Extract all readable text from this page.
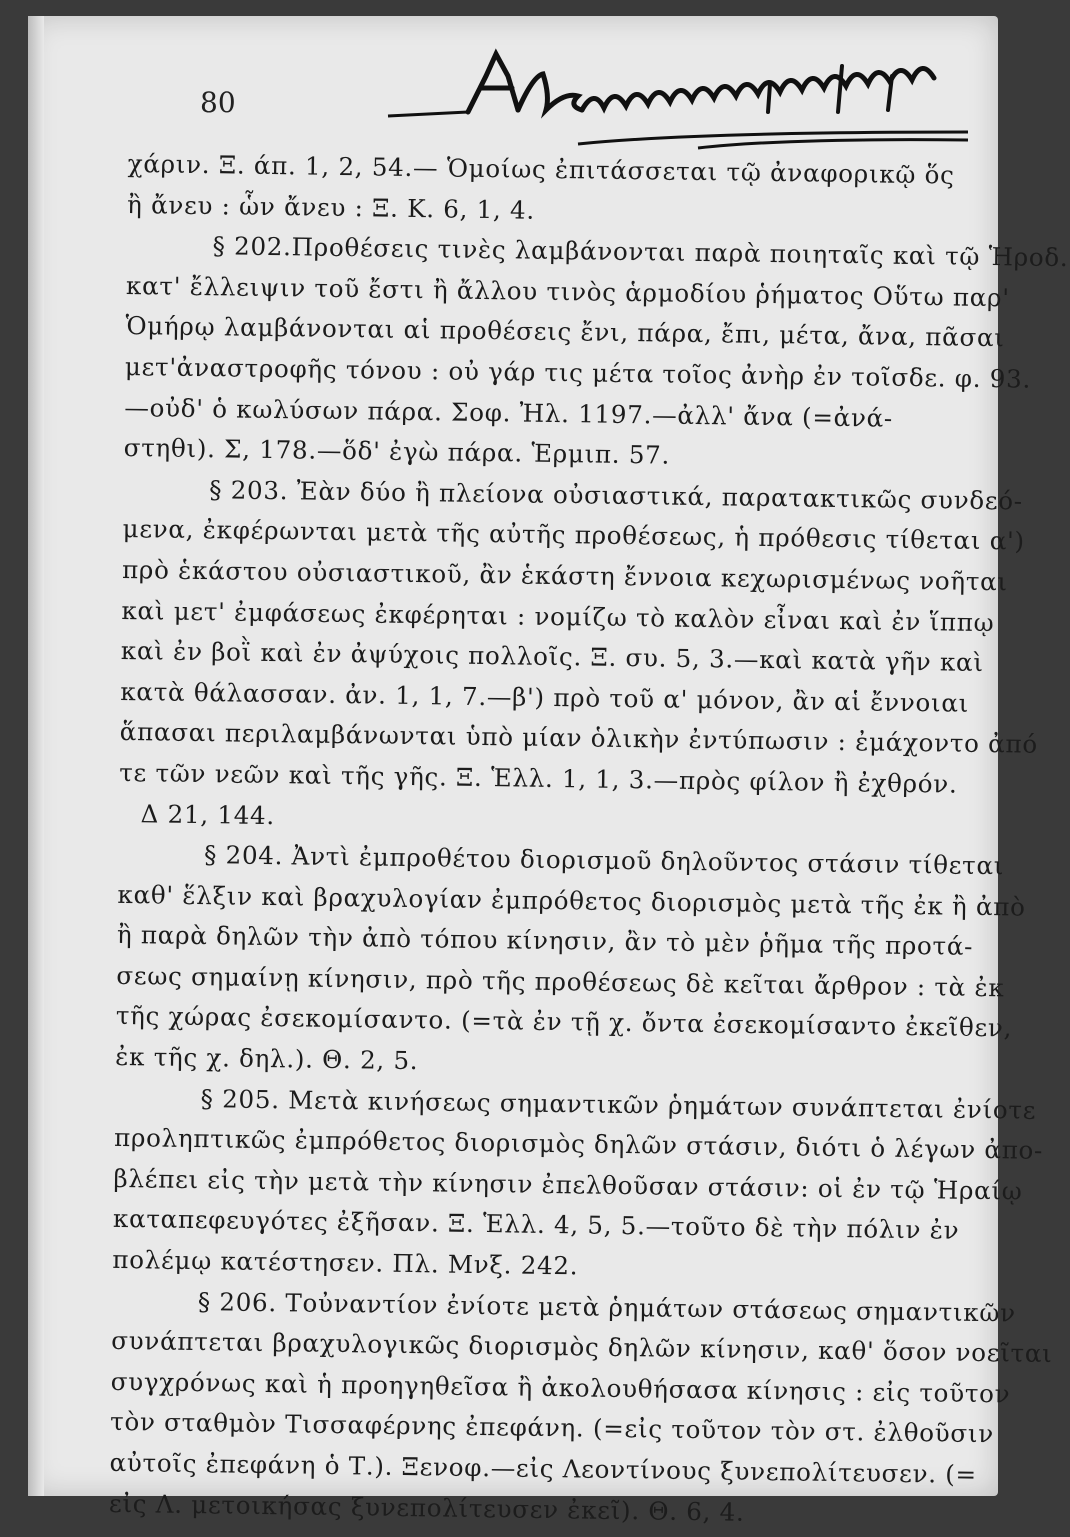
80
χάριν. Ξ. άπ. 1, 2, 54.— Ὁμοίως ἐπιτάσσεται τῷ ἀναφορικῷ ὅς
ἢ ἄνευ : ὧν ἄνευ : Ξ. Κ. 6, 1, 4.
§ 202.Προθέσεις τινὲς λαμβάνονται παρὰ ποιηταῖς καὶ τῷ Ἡροδ.
κατ' ἔλλειψιν τοῦ ἔστι ἢ ἄλλου τινὸς ἁρμοδίου ῥήματος Οὕτω παρ'
Ὁμήρῳ λαμβάνονται αἱ προθέσεις ἔνι, πάρα, ἔπι, μέτα, ἄνα, πᾶσαι
μετ'ἀναστροφῆς τόνου : οὐ γάρ τις μέτα τοῖος ἀνὴρ ἐν τοῖσδε. φ. 93.
—οὐδ' ὁ κωλύσων πάρα. Σοφ. Ἠλ. 1197.—ἀλλ' ἄνα (=ἀνά-
στηθι). Σ, 178.—ὅδ' ἐγὼ πάρα. Ἑρμιπ. 57.
§ 203. Ἐὰν δύο ἢ πλείονα οὐσιαστικά, παρατακτικῶς συνδεό-
μενα, ἐκφέρωνται μετὰ τῆς αὐτῆς προθέσεως, ἡ πρόθεσις τίθεται α')
πρὸ ἑκάστου οὐσιαστικοῦ, ἂν ἑκάστη ἔννοια κεχωρισμένως νοῆται
καὶ μετ' ἐμφάσεως ἐκφέρηται : νομίζω τὸ καλὸν εἶναι καὶ ἐν ἵππῳ
καὶ ἐν βοῒ καὶ ἐν ἀψύχοις πολλοῖς. Ξ. συ. 5, 3.—καὶ κατὰ γῆν καὶ
κατὰ θάλασσαν. ἀν. 1, 1, 7.—β') πρὸ τοῦ α' μόνον, ἂν αἱ ἔννοιαι
ἅπασαι περιλαμβάνωνται ὑπὸ μίαν ὁλικὴν ἐντύπωσιν : ἐμάχοντο ἀπό
τε τῶν νεῶν καὶ τῆς γῆς. Ξ. Ἑλλ. 1, 1, 3.—πρὸς φίλον ἢ ἐχθρόν.
Δ 21, 144.
§ 204. Ἀντὶ ἐμπροθέτου διορισμοῦ δηλοῦντος στάσιν τίθεται
καθ' ἕλξιν καὶ βραχυλογίαν ἐμπρόθετος διορισμὸς μετὰ τῆς ἐκ ἢ ἀπὸ
ἢ παρὰ δηλῶν τὴν ἀπὸ τόπου κίνησιν, ἂν τὸ μὲν ῥῆμα τῆς προτά-
σεως σημαίνῃ κίνησιν, πρὸ τῆς προθέσεως δὲ κεῖται ἄρθρον : τὰ ἐκ
τῆς χώρας ἐσεκομίσαντο. (=τὰ ἐν τῇ χ. ὄντα ἐσεκομίσαντο ἐκεῖθεν,
ἐκ τῆς χ. δηλ.). Θ. 2, 5.
§ 205. Μετὰ κινήσεως σημαντικῶν ῥημάτων συνάπτεται ἐνίοτε
προληπτικῶς ἐμπρόθετος διορισμὸς δηλῶν στάσιν, διότι ὁ λέγων ἀπο-
βλέπει εἰς τὴν μετὰ τὴν κίνησιν ἐπελθοῦσαν στάσιν: οἱ ἐν τῷ Ἡραίῳ
καταπεφευγότες ἐξῆσαν. Ξ. Ἑλλ. 4, 5, 5.—τοῦτο δὲ τὴν πόλιν ἐν
πολέμῳ κατέστησεν. Πλ. Μνξ. 242.
§ 206. Τοὐναντίον ἐνίοτε μετὰ ῥημάτων στάσεως σημαντικῶν
συνάπτεται βραχυλογικῶς διορισμὸς δηλῶν κίνησιν, καθ' ὅσον νοεῖται
συγχρόνως καὶ ἡ προηγηθεῖσα ἢ ἀκολουθήσασα κίνησις : εἰς τοῦτον
τὸν σταθμὸν Τισσαφέρνης ἐπεφάνη. (=εἰς τοῦτον τὸν στ. ἐλθοῦσιν
αὐτοῖς ἐπεφάνη ὁ Τ.). Ξενοφ.—εἰς Λεοντίνους ξυνεπολίτευσεν. (=
εἰς Λ. μετοικήσας ξυνεπολίτευσεν ἐκεῖ). Θ. 6, 4.
